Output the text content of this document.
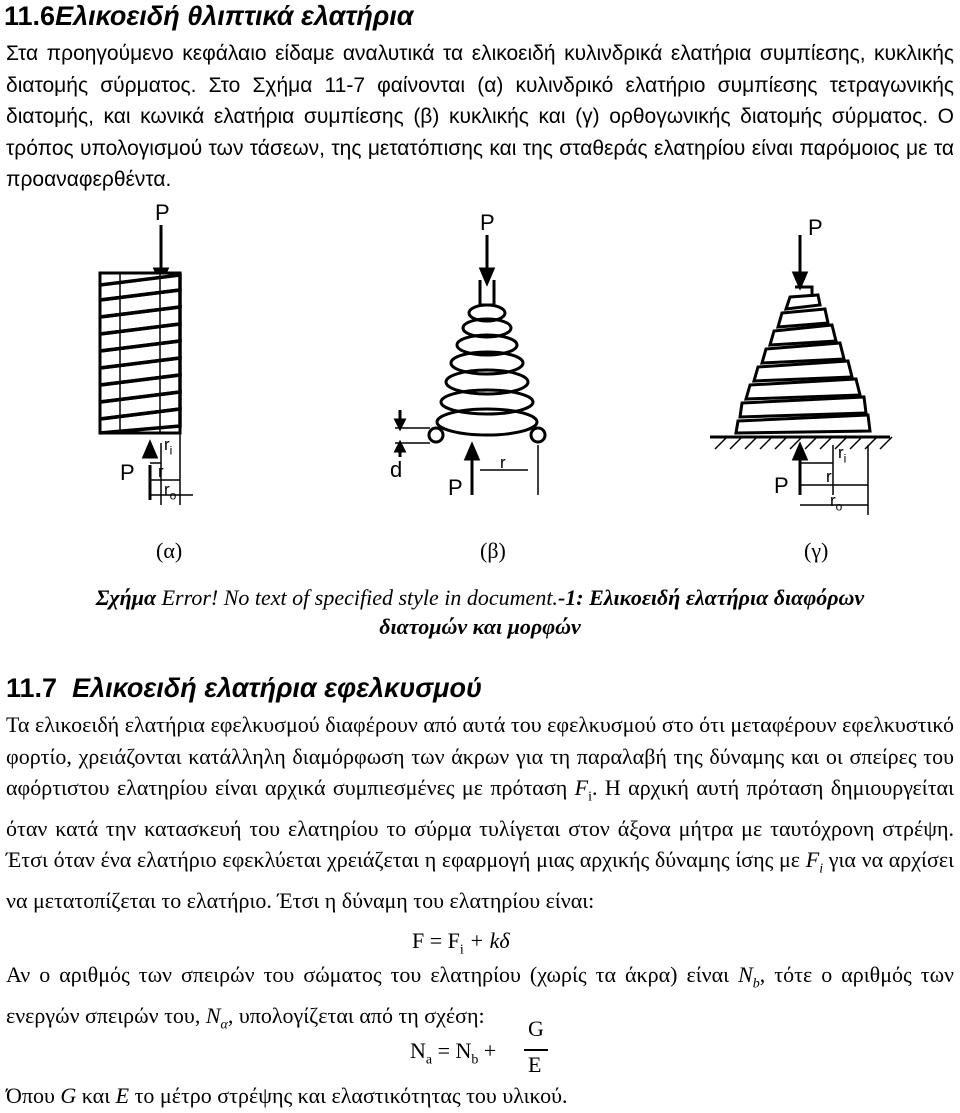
11.6Ελικοειδή θλιπτικά ελατήρια
Στα προηγούμενο κεφάλαιο είδαμε αναλυτικά τα ελικοειδή κυλινδρικά ελατήρια συμπίεσης, κυκλικής διατομής σύρματος. Στο Σχήμα 11-7 φαίνονται (α) κυλινδρικό ελατήριο συμπίεσης τετραγωνικής διατομής, και κωνικά ελατήρια συμπίεσης (β) κυκλικής και (γ) ορθογωνικής διατομής σύρματος. Ο τρόπος υπολογισμού των τάσεων, της μετατόπισης και της σταθεράς ελατηρίου είναι παρόμοιος με τα προαναφερθέντα.
P
P
$r_i$
r
$r_o$
P
d
P
r
P
$r_i$
P r
$r_o$
(α)	(β)	(γ)
Σχήμα Error! No text of specified style in document.-1: Ελικοειδή ελατήρια διαφόρων
διατομών και μορφών
11.7 Ελικοειδή ελατήρια εφελκυσμού
Τα ελικοειδή ελατήρια εφελκυσμού διαφέρουν από αυτά του εφελκυσμού στο ότι μεταφέρουν εφελκυστικό φορτίο, χρειάζονται κατάλληλη διαμόρφωση των άκρων για τη παραλαβή της δύναμης και οι σπείρες του αφόρτιστου ελατηρίου είναι αρχικά συμπιεσμένες με πρόταση $F_i$. Η αρχική αυτή πρόταση δημιουργείται όταν κατά την κατασκευή του ελατηρίου το σύρμα τυλίγεται στον άξονα μήτρα με ταυτόχρονη στρέψη. Έτσι όταν ένα ελατήριο εφεκλύεται χρειάζεται η εφαρμογή μιας αρχικής δύναμης ίσης με $F_i$ για να αρχίσει να μετατοπίζεται το ελατήριο. Έτσι η δύναμη του ελατηρίου είναι:
$F = F_i + k\delta$
Αν ο αριθμός των σπειρών του σώματος του ελατηρίου (χωρίς τα άκρα) είναι $N_b$, τότε ο αριθμός των ενεργών σπειρών του, $N_\alpha$, υπολογίζεται από τη σχέση:
$N_a = N_b$ +
G
E
Όπου G και E το μέτρο στρέψης και ελαστικότητας του υλικού.
